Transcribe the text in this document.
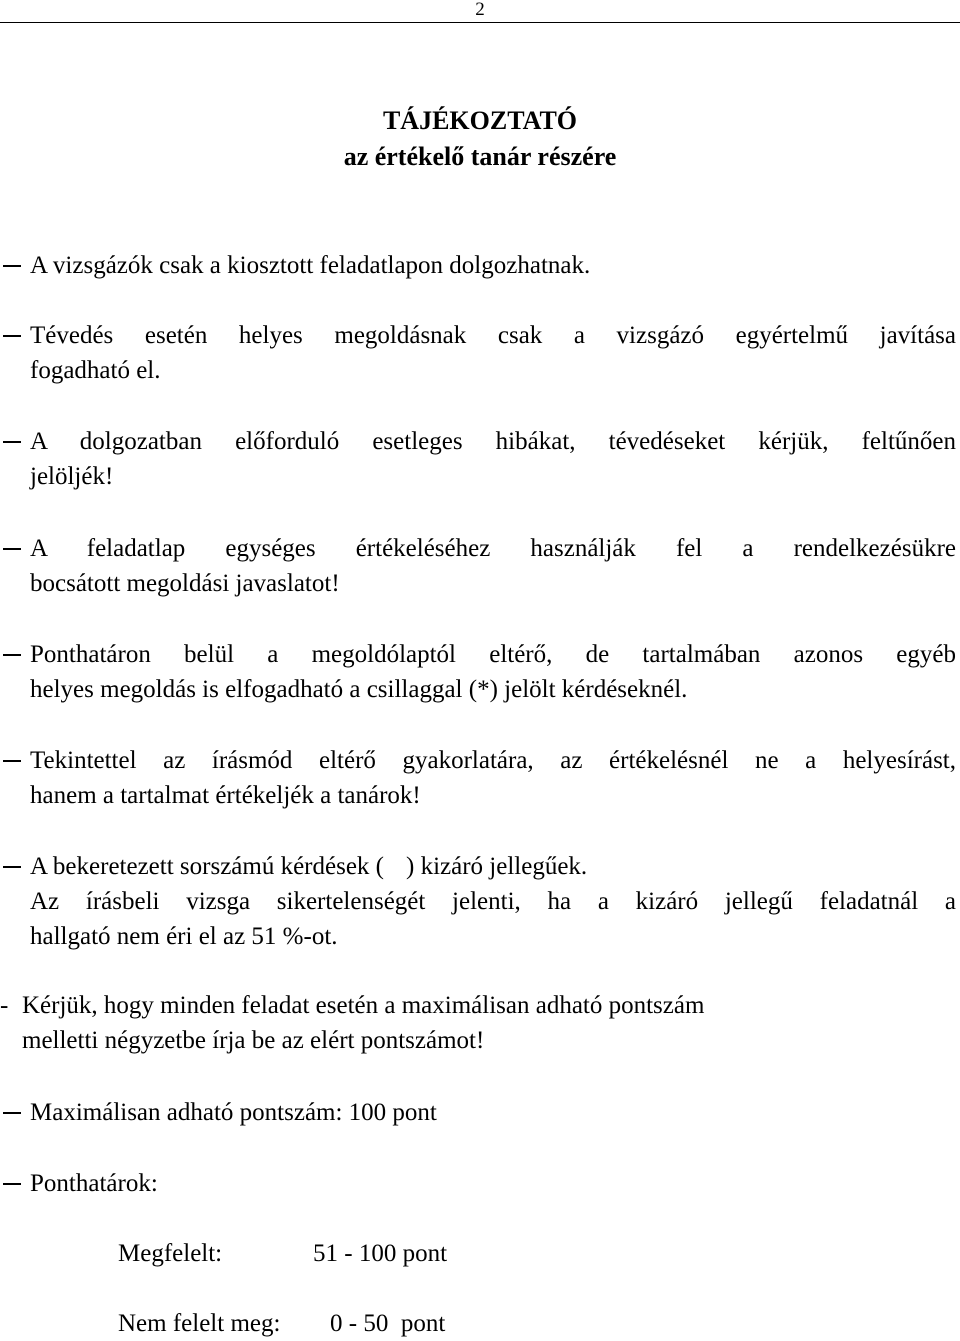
2
TÁJÉKOZTATÓ
az értékelő tanár részére
A vizsgázók csak a kiosztott feladatlapon dolgozhatnak.
Tévedés esetén helyes megoldásnak csak a vizsgázó egyértelmű javítása
fogadható el.
A dolgozatban előforduló esetleges hibákat, tévedéseket kérjük, feltűnően
jelöljék!
A feladatlap egységes értékeléséhez használják fel a rendelkezésükre
bocsátott megoldási javaslatot!
Ponthatáron belül a megoldólaptól eltérő, de tartalmában azonos egyéb
helyes megoldás is elfogadható a csillaggal (*) jelölt kérdéseknél.
Tekintettel az írásmód eltérő gyakorlatára, az értékelésnél ne a helyesírást,
hanem a tartalmat értékeljék a tanárok!
A bekeretezett sorszámú kérdések ( ) kizáró jellegűek.
Az írásbeli vizsga sikertelenségét jelenti, ha a kizáró jellegű feladatnál a
hallgató nem éri el az 51 %-ot.
- Kérjük, hogy minden feladat esetén a maximálisan adható pontszám
melletti négyzetbe írja be az elért pontszámot!
Maximálisan adható pontszám: 100 pont
Ponthatárok:
Megfelelt:	51 - 100 pont
Nem felelt meg: 0 - 50  pont
